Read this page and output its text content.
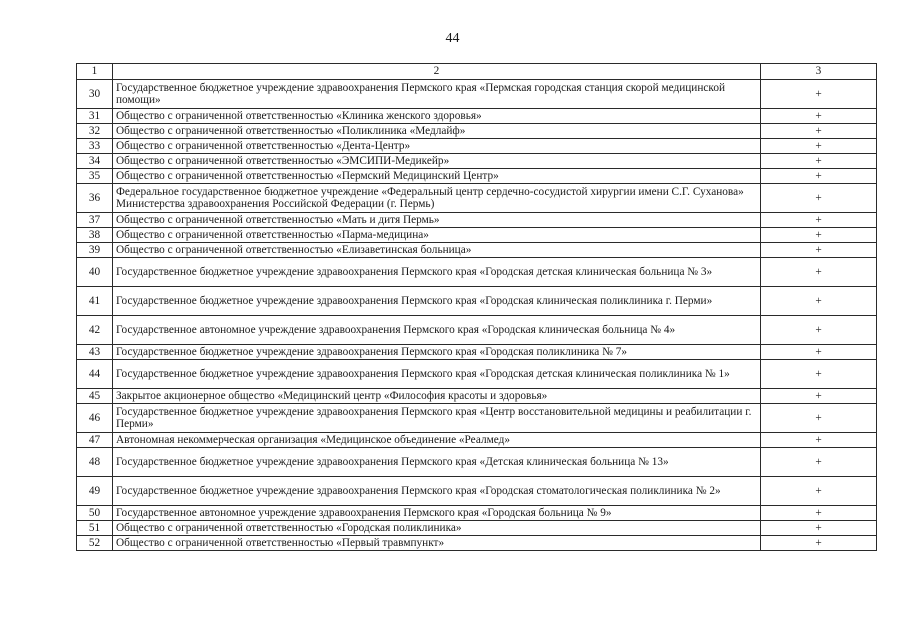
44
1	2	3
30	Государственное бюджетное учреждение здравоохранения Пермского края «Пермская городская станция скорой медицинской помощи»	+
31	Общество с ограниченной ответственностью «Клиника женского здоровья»	+
32	Общество с ограниченной ответственностью «Поликлиника «Медлайф»	+
33	Общество с ограниченной ответственностью «Дента-Центр»	+
34	Общество с ограниченной ответственностью «ЭМСИПИ-Медикейр»	+
35	Общество с ограниченной ответственностью «Пермский Медицинский Центр»	+
36	Федеральное государственное бюджетное учреждение «Федеральный центр сердечно-сосудистой хирургии имени С.Г. Суханова» Министерства здравоохранения Российской Федерации (г. Пермь)	+
37	Общество с ограниченной ответственностью «Мать и дитя Пермь»	+
38	Общество с ограниченной ответственностью «Парма-медицина»	+
39	Общество с ограниченной ответственностью «Елизаветинская больница»	+
40	Государственное бюджетное учреждение здравоохранения Пермского края «Городская детская клиническая больница № 3»	+
41	Государственное бюджетное учреждение здравоохранения Пермского края «Городская клиническая поликлиника г. Перми»	+
42	Государственное автономное учреждение здравоохранения Пермского края «Городская клиническая больница № 4»	+
43	Государственное бюджетное учреждение здравоохранения Пермского края «Городская поликлиника № 7»	+
44	Государственное бюджетное учреждение здравоохранения Пермского края «Городская детская клиническая поликлиника № 1»	+
45	Закрытое акционерное общество «Медицинский центр «Философия красоты и здоровья»	+
46	Государственное бюджетное учреждение здравоохранения Пермского края «Центр восстановительной медицины и реабилитации г. Перми»	+
47	Автономная некоммерческая организация «Медицинское объединение «Реалмед»	+
48	Государственное бюджетное учреждение здравоохранения Пермского края «Детская клиническая больница № 13»	+
49	Государственное бюджетное учреждение здравоохранения Пермского края «Городская стоматологическая поликлиника № 2»	+
50	Государственное автономное учреждение здравоохранения Пермского края «Городская больница № 9»	+
51	Общество с ограниченной ответственностью «Городская поликлиника»	+
52	Общество с ограниченной ответственностью «Первый травмпункт»	+
